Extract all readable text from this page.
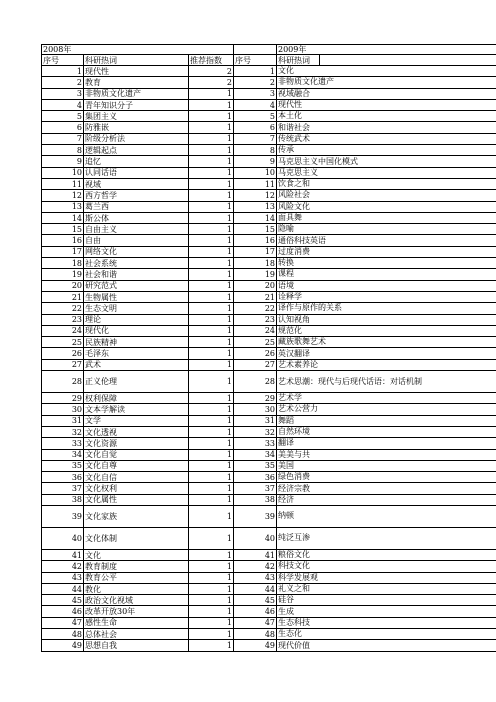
2008年				2009年	
序号	科研热词	推荐指数	序号	科研热词	
1	现代性	2	1	文化	
2	教育	2	2	非物质文化遗产	
3	非物质文化遗产	1	3	视域融合	
4	青年知识分子	1	4	现代性	
5	集团主义	1	5	本土化	
6	防雅嵌	1	6	和谐社会	
7	阶级分析法	1	7	传统武术	
8	逻辑起点	1	8	传承	
9	追忆	1	9	马克思主义中国化模式	
10	认同话语	1	10	马克思主义	
11	视域	1	11	饮食之和	
12	西方哲学	1	12	风险社会	
13	葛兰西	1	13	风险文化	
14	斯公体	1	14	面具舞	
15	自由主义	1	15	隐喻	
16	自由	1	16	通俗科技英语	
17	网络文化	1	17	过度消费	
18	社会系统	1	18	转换	
19	社会和谐	1	19	课程	
20	研究范式	1	20	语境	
21	生物属性	1	21	诠释学	
22	生态文明	1	22	译作与原作的关系	
23	理论	1	23	认知视角	
24	现代化	1	24	规范化	
25	民族精神	1	25	藏族歌舞艺术	
26	毛泽东	1	26	英汉翻译	
27	武术	1	27	艺术素养论	
28	正义伦理	1	28	艺术思潮：现代与后现代话语：对话机制	
29	权利保障	1	29	艺术学	
30	文本学解读	1	30	艺术公营力	
31	文学	1	31	舞蹈	
32	文化透视	1	32	自然环境	
33	文化资源	1	33	翻译	
34	文化自觉	1	34	美美与共	
35	文化自尊	1	35	美国	
36	文化自信	1	36	绿色消费	
37	文化权利	1	37	经济宗教	
38	文化属性	1	38	经济	
39	文化家族	1	39	纳顿	
40	文化体制	1	40	纯泛互渗	
41	文化	1	41	粮俗文化	
42	教育制度	1	42	科技文化	
43	教育公平	1	43	科学发展观	
44	教化	1	44	礼义之和	
45	政治文化视域	1	45	硅谷	
46	改革开放30年	1	46	生成	
47	感性生命	1	47	生态科技	
48	总体社会	1	48	生态化	
49	思想自我	1	49	现代价值	
